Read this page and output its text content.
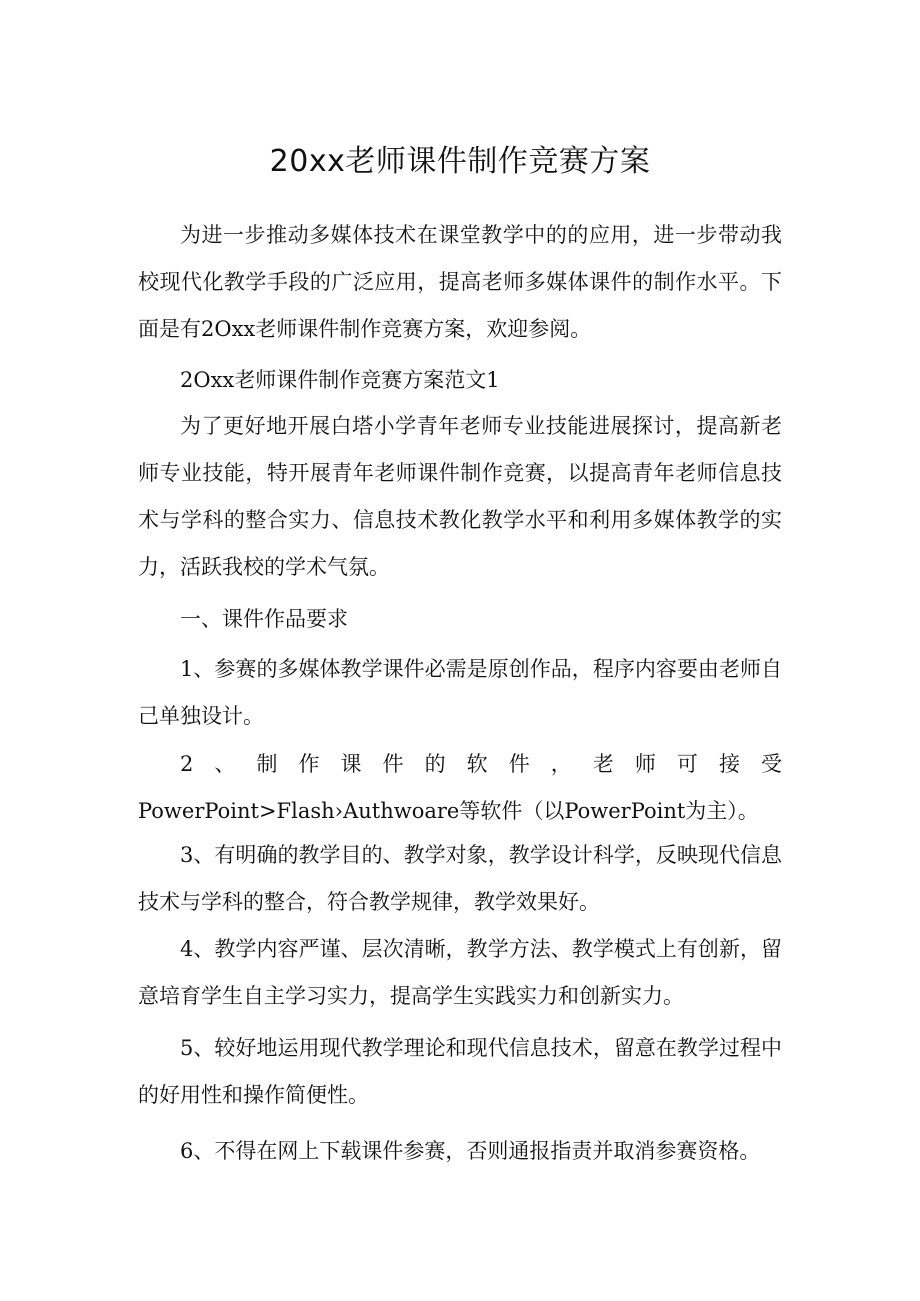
20xx老师课件制作竞赛方案

为进一步推动多媒体技术在课堂教学中的的应用，进一步带动我校现代化教学手段的广泛应用，提高老师多媒体课件的制作水平。下面是有2Oxx老师课件制作竞赛方案，欢迎参阅。

2Oxx老师课件制作竞赛方案范文1

为了更好地开展白塔小学青年老师专业技能进展探讨，提高新老师专业技能，特开展青年老师课件制作竞赛，以提高青年老师信息技术与学科的整合实力、信息技术教化教学水平和利用多媒体教学的实力，活跃我校的学术气氛。

一、课件作品要求

1、参赛的多媒体教学课件必需是原创作品，程序内容要由老师自己单独设计。

2、制作课件的软件，老师可接受PowerPoint>Flash›Authwoare等软件（以PowerPoint为主）。

3、有明确的教学目的、教学对象，教学设计科学，反映现代信息技术与学科的整合，符合教学规律，教学效果好。

4、教学内容严谨、层次清晰，教学方法、教学模式上有创新，留意培育学生自主学习实力，提高学生实践实力和创新实力。

5、较好地运用现代教学理论和现代信息技术，留意在教学过程中的好用性和操作简便性。

6、不得在网上下载课件参赛，否则通报指责并取消参赛资格。
